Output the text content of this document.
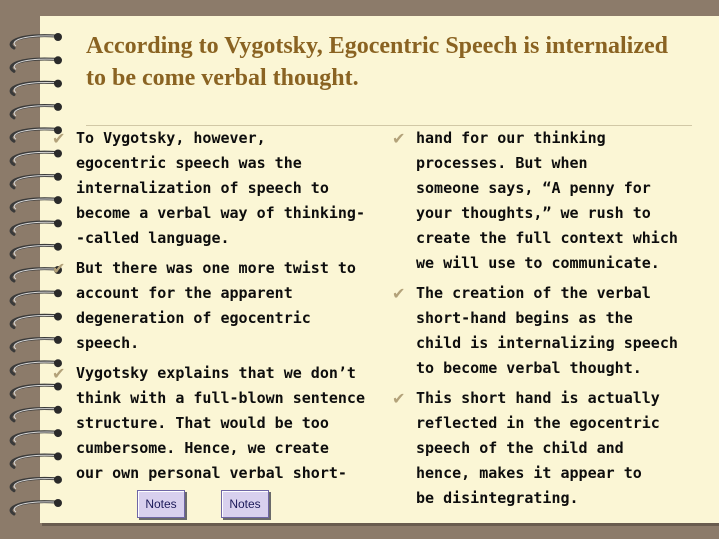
According to Vygotsky, Egocentric Speech is internalized to be come verbal thought.
✔ To Vygotsky, however,
egocentric speech was the
internalization of speech to
become a verbal way of thinking-
-called language.
✔ But there was one more twist to
account for the apparent
degeneration of egocentric
speech.
✔ Vygotsky explains that we don’t
think with a full-blown sentence
structure. That would be too
cumbersome. Hence, we create
our own personal verbal short-
✔ hand for our thinking
processes. But when
someone says, “A penny for
your thoughts,” we rush to
create the full context which
we will use to communicate.
✔ The creation of the verbal
short-hand begins as the
child is internalizing speech
to become verbal thought.
✔ This short hand is actually
reflected in the egocentric
speech of the child and
hence, makes it appear to
be disintegrating.
Notes	Notes
